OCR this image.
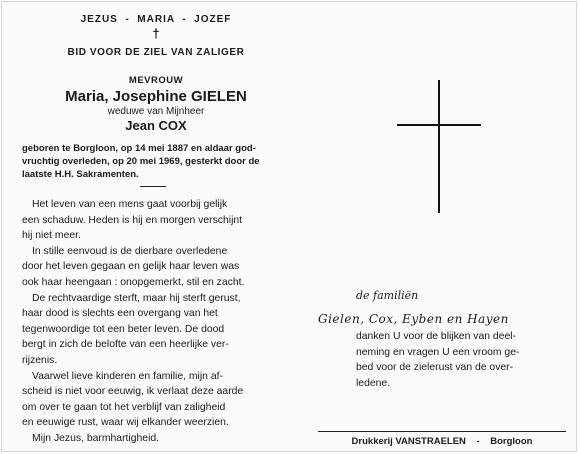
JEZUS  -  MARIA  -  JOZEF
†
BID VOOR DE ZIEL VAN ZALIGER
MEVROUW
Maria, Josephine GIELEN
weduwe van Mijnheer
Jean COX

geboren te Borgloon, op 14 mei 1887 en aldaar god-

vruchtig overleden, op 20 mei 1969, gesterkt door de

laatste H.H. Sakramenten.

Het leven van een mens gaat voorbij gelijk
een schaduw. Heden is hij en morgen verschijnt
hij niet meer.

In stille eenvoud is de dierbare overledene
door het leven gegaan en gelijk haar leven was
ook haar heengaan : onopgemerkt, stil en zacht.

De rechtvaardige sterft, maar hij sterft gerust,
haar dood is slechts een overgang van het
tegenwoordige tot een beter leven. De dood
bergt in zich de belofte van een heerlijke ver-
rijzenis.

Vaarwel lieve kinderen en familie, mijn af-
scheid is niet voor eeuwig, ik verlaat deze aarde
om over te gaan tot het verblijf van zaligheid
en eeuwige rust, waar wij elkander weerzien.

Mijn Jezus, barmhartigheid.

de familiën
Gielen, Cox, Eyben en Hayen
danken U voor de blijken van deel-
neming en vragen U een vroom ge-
bed voor de zielerust van de over-
ledene.
Drukkerij VANSTRAELEN - Borgloon
